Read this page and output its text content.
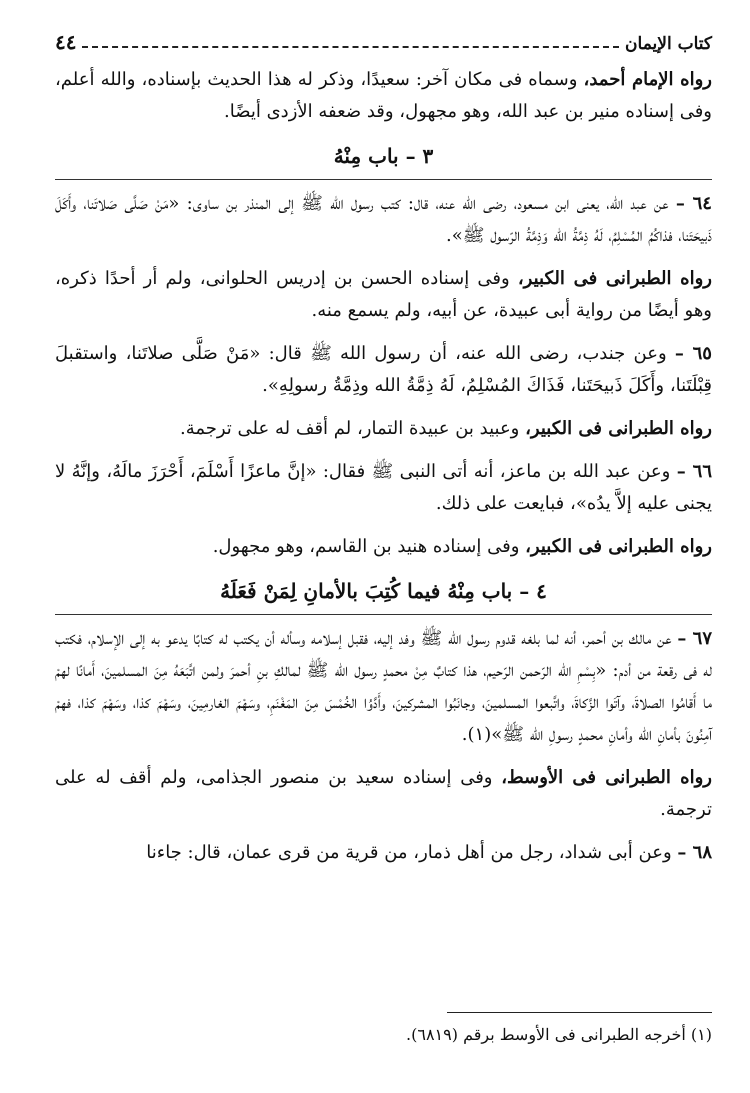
كتاب الإيمان
٤٤
رواه الإمام أحمد، وسماه فى مكان آخر: سعيدًا، وذكر له هذا الحديث بإسناده، والله أعلم، وفى إسناده منير بن عبد الله، وهو مجهول، وقد ضعفه الأزدى أيضًا.
٣ – باب مِنْهُ
٦٤ – عن عبد الله، يعنى ابن مسعود، رضى الله عنه، قال: كتب رسول الله ﷺ إلى المنذر بن ساوى: «مَنْ صَلَّى صَلاتَنا، وأَكَلَ ذَبيحَتَنا، فذاكُمُ المُسْلِمُ، لَهُ ذِمَّةُ الله وَذِمَّةُ الرّسول ﷺ».
رواه الطبرانى فى الكبير، وفى إسناده الحسن بن إدريس الحلوانى، ولم أر أحدًا ذكره، وهو أيضًا من رواية أبى عبيدة، عن أبيه، ولم يسمع منه.
٦٥ – وعن جندب، رضى الله عنه، أن رسول الله ﷺ قال: «مَنْ صَلَّى صلاتَنا، واستقبلَ قِبْلَتَنا، وأَكَلَ ذَبيحَتَنا، فَذَاكَ المُسْلِمُ، لَهُ ذِمَّةُ الله وذِمَّةُ رسولِهِ».
رواه الطبرانى فى الكبير، وعبيد بن عبيدة التمار، لم أقف له على ترجمة.
٦٦ – وعن عبد الله بن ماعز، أنه أتى النبى ﷺ فقال: «إنَّ ماعزًا أَسْلَمَ، أَحْرَزَ مالَهُ، وإنَّهُ لا يجنى عليه إلاَّ يدُه»، فبايعت على ذلك.
رواه الطبرانى فى الكبير، وفى إسناده هنيد بن القاسم، وهو مجهول.
٤ – باب مِنْهُ فيما كُتِبَ بالأمانِ لِمَنْ فَعَلَهُ
٦٧ – عن مالك بن أحمر، أنه لما بلغه قدوم رسول الله ﷺ وفد إليه، فقبل إسلامه وسأله أن يكتب له كتابًا يدعو به إلى الإسلام، فكتب له فى رقعة من أدم: «بِسْمِ الله الرّحمن الرّحيم، هذا كتابٌ مِنْ محمدٍ رسول الله ﷺ لمالكِ بنِ أحمرَ ولمن اتَّبَعَهُ مِنَ المسلمينَ، أَمانًا لهمْ ما أَقامُوا الصلاةَ، وآتَوا الزَّكاةَ، واتَّبعوا المسلمينَ، وجانَبُوا المشركينَ، وأَدَّوُا الخُمْسَ مِنَ المَغْنَمِ، وسَهْمَ الغارمِينَ، وسَهْمَ كذا، وسَهْمَ كذا، فهمْ آمِنُونَ بأمانِ الله وأمانِ محمدٍ رسولِ الله ﷺ»(١).
رواه الطبرانى فى الأوسط، وفى إسناده سعيد بن منصور الجذامى، ولم أقف له على ترجمة.
٦٨ – وعن أبى شداد، رجل من أهل ذمار، من قرية من قرى عمان، قال: جاءنا
(١) أخرجه الطبرانى فى الأوسط برقم (٦٨١٩).
